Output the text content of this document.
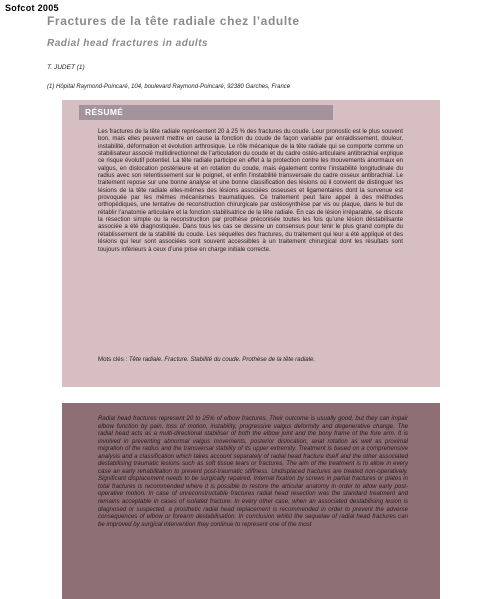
Sofcot 2005
Fractures de la tête radiale chez l’adulte
Radial head fractures in adults

T. JUDET (1)

(1) Hôpital Raymond-Poincaré, 104, boulevard Raymond-Poincaré, 92380 Garches, France

RÉSUMÉ

Les fractures de la tête radiale représentent 20 à 25 % des fractures du coude. Leur pronostic est le plus souvent bon, mais elles peuvent mettre en cause la fonction du coude de façon variable par enraidissement, douleur, instabilité, déformation et évolution arthrosique. Le rôle mécanique de la tête radiale qui se comporte comme un stabilisateur associé multidirectionnel de l’articulation du coude et du cadre ostéo-articulaire antibrachial explique ce risque évolutif potentiel. La tête radiale participe en effet à la protection contre les mouvements anormaux en valgus, en dislocation postérieure et en rotation du coude, mais également contre l’instabilité longitudinale du radius avec son retentissement sur le poignet, et enfin l’instabilité transversale du cadre osseux antibrachial. Le traitement repose sur une bonne analyse et une bonne classification des lésions où il convient de distinguer les lésions de la tête radiale elles-mêmes des lésions associées osseuses et ligamentaires dont la survenue est provoquée par les mêmes mécanismes traumatiques. Ce traitement peut faire appel à des méthodes orthopédiques, une tentative de reconstruction chirurgicale par ostéosynthèse par vis ou plaque, dans le but de rétablir l’anatomie articulaire et la fonction stabilisatrice de la tête radiale. En cas de lésion irréparable, se discute la résection simple ou la reconstruction par prothèse préconisée toutes les fois qu’une lésion déstabilisante associée a été diagnostiquée. Dans tous les cas se dessine un consensus pour tenir le plus grand compte du rétablissement de la stabilité du coude. Les séquelles des fractures, du traitement qui leur a été appliqué et des lésions qui leur sont associées sont souvent accessibles à un traitement chirurgical dont les résultats sont toujours inférieurs à ceux d’une prise en charge initiale correcte.

Mots clés : Tête radiale. Fracture. Stabilité du coude. Prothèse de la tête radiale.

Radial head fractures represent 20 to 25% of elbow fractures. Their outcome is usually good, but they can impair elbow function by pain, loss of motion, instability, progressive valgus deformity and degenerative change. The radial head acts as a multi-directional stabiliser of both the elbow joint and the bony frame of the fore arm. It is involved in preventing abnormal valgus movements, posterior dislocation, axial rotation as well as proximal migration of the radius and the transversal stability of its upper extremity. Treatment is based on a comprehensive analysis and a classification which takes account separately of radial head fracture itself and the other associated destabilising traumatic lesions such as soft tissue tears or fractures. The aim of the treatment is to allow in every case an early rehabilitation to prevent post-traumatic stiffness. Undisplaced fractures are treated non-operatively. Significant displacement needs to be surgically repaired. Internal fixation by screws in partial fractures or plates in total fractures is recommended where it is possible to restore the articular anatomy in order to allow early post-operative motion. In case of unreconstructable fractures radial head resection was the standard treatment and remains acceptable in cases of isolated fracture. In every other case, when an associated destabilising lesion is diagnosed or suspected, a prosthetic radial head replacement is recommended in order to prevent the adverse consequences of elbow or forearm destabilisation. In conclusion whilst the sequelae of radial head fractures can be improved by surgical intervention they continue to represent one of the most
